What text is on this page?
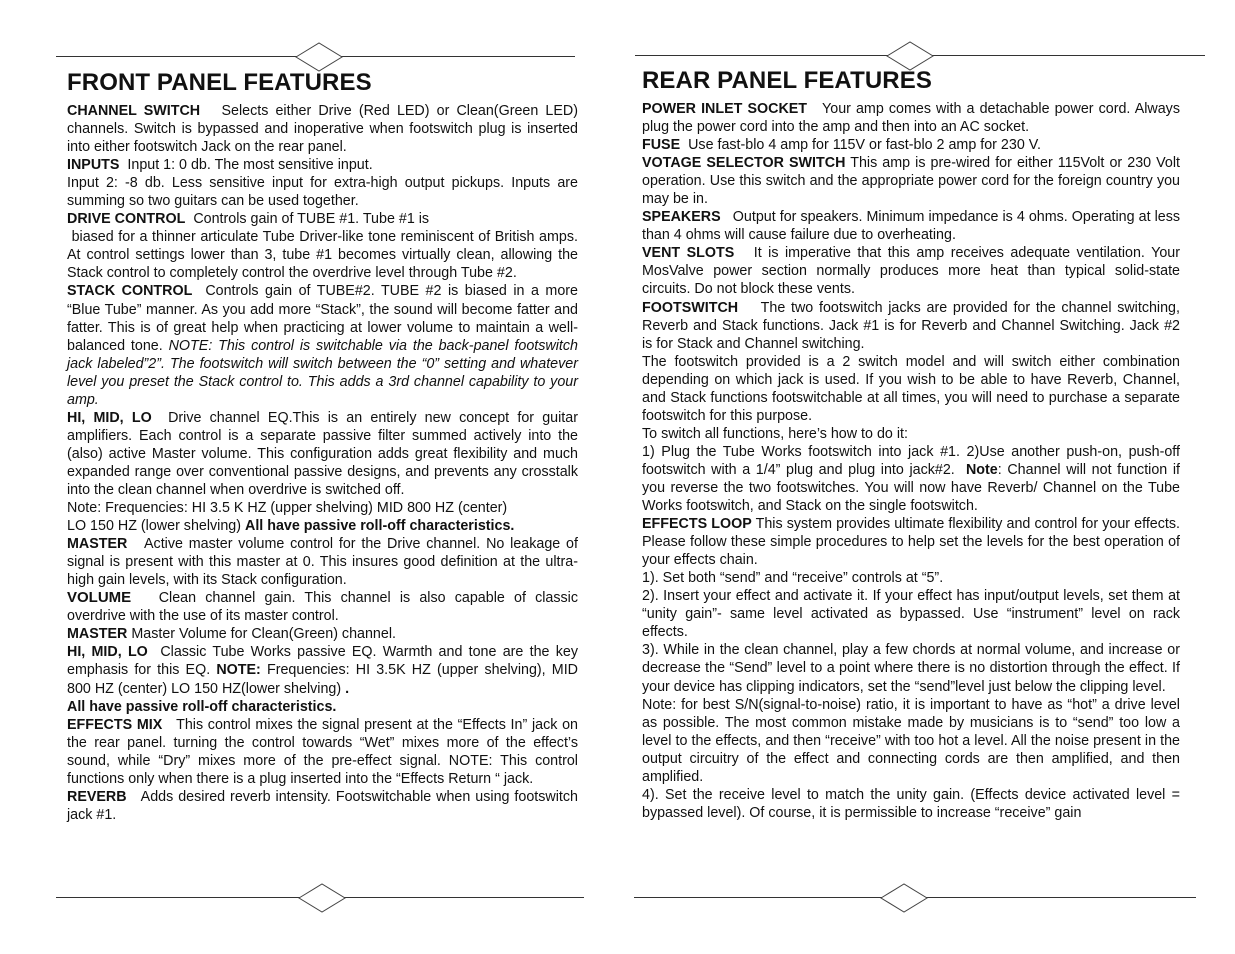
FRONT PANEL FEATURES

CHANNEL SWITCH Selects either Drive (Red LED) or Clean(Green LED) channels. Switch is bypassed and inoperative when footswitch plug is inserted into either footswitch Jack on the rear panel.

INPUTS Input 1: 0 db. The most sensitive input.

Input 2: -8 db. Less sensitive input for extra-high output pickups. Inputs are summing so two guitars can be used together.

DRIVE CONTROL Controls gain of TUBE #1. Tube #1 is

biased for a thinner articulate Tube Driver-like tone reminiscent of British amps. At control settings lower than 3, tube #1 becomes virtually clean, allowing the Stack control to completely control the overdrive level through Tube #2.

STACK CONTROL Controls gain of TUBE#2. TUBE #2 is biased in a more “Blue Tube” manner. As you add more “Stack”, the sound will become fatter and fatter. This is of great help when practicing at lower volume to maintain a well-balanced tone. NOTE: This control is switchable via the back-panel footswitch jack labeled”2”. The footswitch will switch between the “0” setting and whatever level you preset the Stack control to. This adds a 3rd channel capability to your amp.

HI, MID, LO Drive channel EQ.This is an entirely new concept for guitar amplifiers. Each control is a separate passive filter summed actively into the (also) active Master volume. This configuration adds great flexibility and much expanded range over conventional passive designs, and prevents any crosstalk into the clean channel when overdrive is switched off.

Note: Frequencies: HI 3.5 K HZ (upper shelving) MID 800 HZ (center)

LO 150 HZ (lower shelving) All have passive roll-off characteristics.

MASTER Active master volume control for the Drive channel. No leakage of signal is present with this master at 0. This insures good definition at the ultra-high gain levels, with its Stack configuration.

VOLUME Clean channel gain. This channel is also capable of classic overdrive with the use of its master control.

MASTER Master Volume for Clean(Green) channel.

HI, MID, LO Classic Tube Works passive EQ. Warmth and tone are the key emphasis for this EQ. NOTE: Frequencies: HI 3.5K HZ (upper shelving), MID 800 HZ (center) LO 150 HZ(lower shelving) .

All have passive roll-off characteristics.

EFFECTS MIX This control mixes the signal present at the “Effects In” jack on the rear panel. turning the control towards “Wet” mixes more of the effect’s sound, while “Dry” mixes more of the pre-effect signal. NOTE: This control functions only when there is a plug inserted into the “Effects Return “ jack.

REVERB Adds desired reverb intensity. Footswitchable when using footswitch jack #1.

REAR PANEL FEATURES

POWER INLET SOCKET Your amp comes with a detachable power cord. Always plug the power cord into the amp and then into an AC socket.

FUSE Use fast-blo 4 amp for 115V or fast-blo 2 amp for 230 V.

VOTAGE SELECTOR SWITCH This amp is pre-wired for either 115Volt or 230 Volt operation. Use this switch and the appropriate power cord for the foreign country you may be in.

SPEAKERS Output for speakers. Minimum impedance is 4 ohms. Operating at less than 4 ohms will cause failure due to overheating.

VENT SLOTS It is imperative that this amp receives adequate ventilation. Your MosValve power section normally produces more heat than typical solid-state circuits. Do not block these vents.

FOOTSWITCH The two footswitch jacks are provided for the channel switching, Reverb and Stack functions. Jack #1 is for Reverb and Channel Switching. Jack #2 is for Stack and Channel switching.

The footswitch provided is a 2 switch model and will switch either combination depending on which jack is used. If you wish to be able to have Reverb, Channel, and Stack functions footswitchable at all times, you will need to purchase a separate footswitch for this purpose.

To switch all functions, here’s how to do it:

1) Plug the Tube Works footswitch into jack #1. 2)Use another push-on, push-off footswitch with a 1/4” plug and plug into jack#2. Note: Channel will not function if you reverse the two footswitches. You will now have Reverb/ Channel on the Tube Works footswitch, and Stack on the single footswitch.

EFFECTS LOOP This system provides ultimate flexibility and control for your effects. Please follow these simple procedures to help set the levels for the best operation of your effects chain.

1). Set both “send” and “receive” controls at “5”.

2). Insert your effect and activate it. If your effect has input/output levels, set them at “unity gain”- same level activated as bypassed. Use “instrument” level on rack effects.

3). While in the clean channel, play a few chords at normal volume, and increase or decrease the “Send” level to a point where there is no distortion through the effect. If your device has clipping indicators, set the “send”level just below the clipping level.

Note: for best S/N(signal-to-noise) ratio, it is important to have as “hot” a drive level as possible. The most common mistake made by musicians is to “send” too low a level to the effects, and then “receive” with too hot a level. All the noise present in the output circuitry of the effect and connecting cords are then amplified, and then amplified.

4). Set the receive level to match the unity gain. (Effects device activated level = bypassed level). Of course, it is permissible to increase “receive” gain
